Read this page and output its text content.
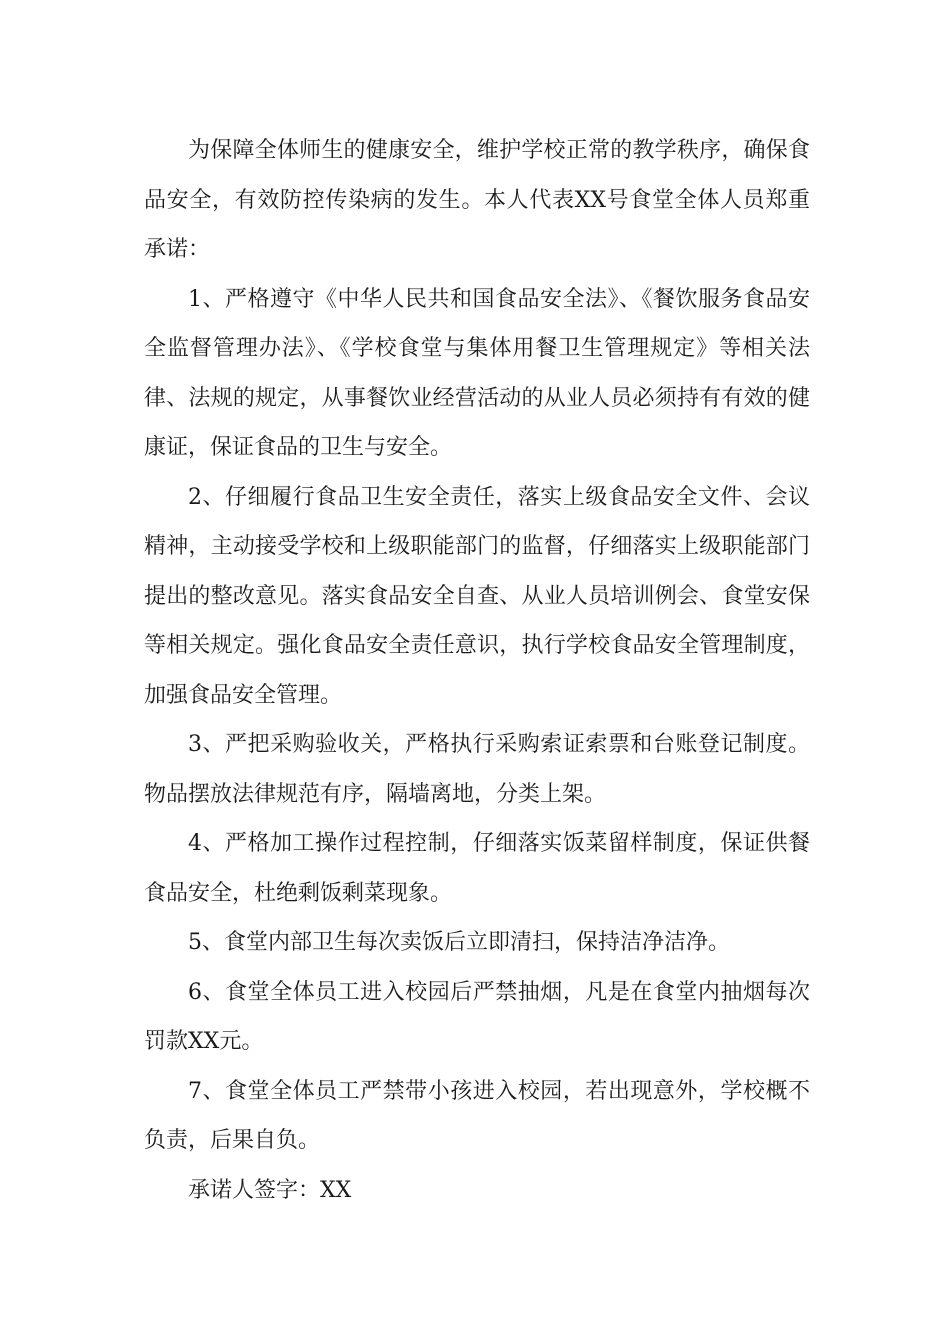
为保障全体师生的健康安全，维护学校正常的教学秩序，确保食品安全，有效防控传染病的发生。本人代表XX号食堂全体人员郑重承诺：

1、严格遵守《中华人民共和国食品安全法》、《餐饮服务食品安全监督管理办法》、《学校食堂与集体用餐卫生管理规定》等相关法律、法规的规定，从事餐饮业经营活动的从业人员必须持有有效的健康证，保证食品的卫生与安全。

2、仔细履行食品卫生安全责任，落实上级食品安全文件、会议精神，主动接受学校和上级职能部门的监督，仔细落实上级职能部门提出的整改意见。落实食品安全自查、从业人员培训例会、食堂安保等相关规定。强化食品安全责任意识，执行学校食品安全管理制度，加强食品安全管理。

3、严把采购验收关，严格执行采购索证索票和台账登记制度。物品摆放法律规范有序，隔墙离地，分类上架。

4、严格加工操作过程控制，仔细落实饭菜留样制度，保证供餐食品安全，杜绝剩饭剩菜现象。

5、食堂内部卫生每次卖饭后立即清扫，保持洁净洁净。

6、食堂全体员工进入校园后严禁抽烟，凡是在食堂内抽烟每次罚款XX元。

7、食堂全体员工严禁带小孩进入校园，若出现意外，学校概不负责，后果自负。

承诺人签字：XX
